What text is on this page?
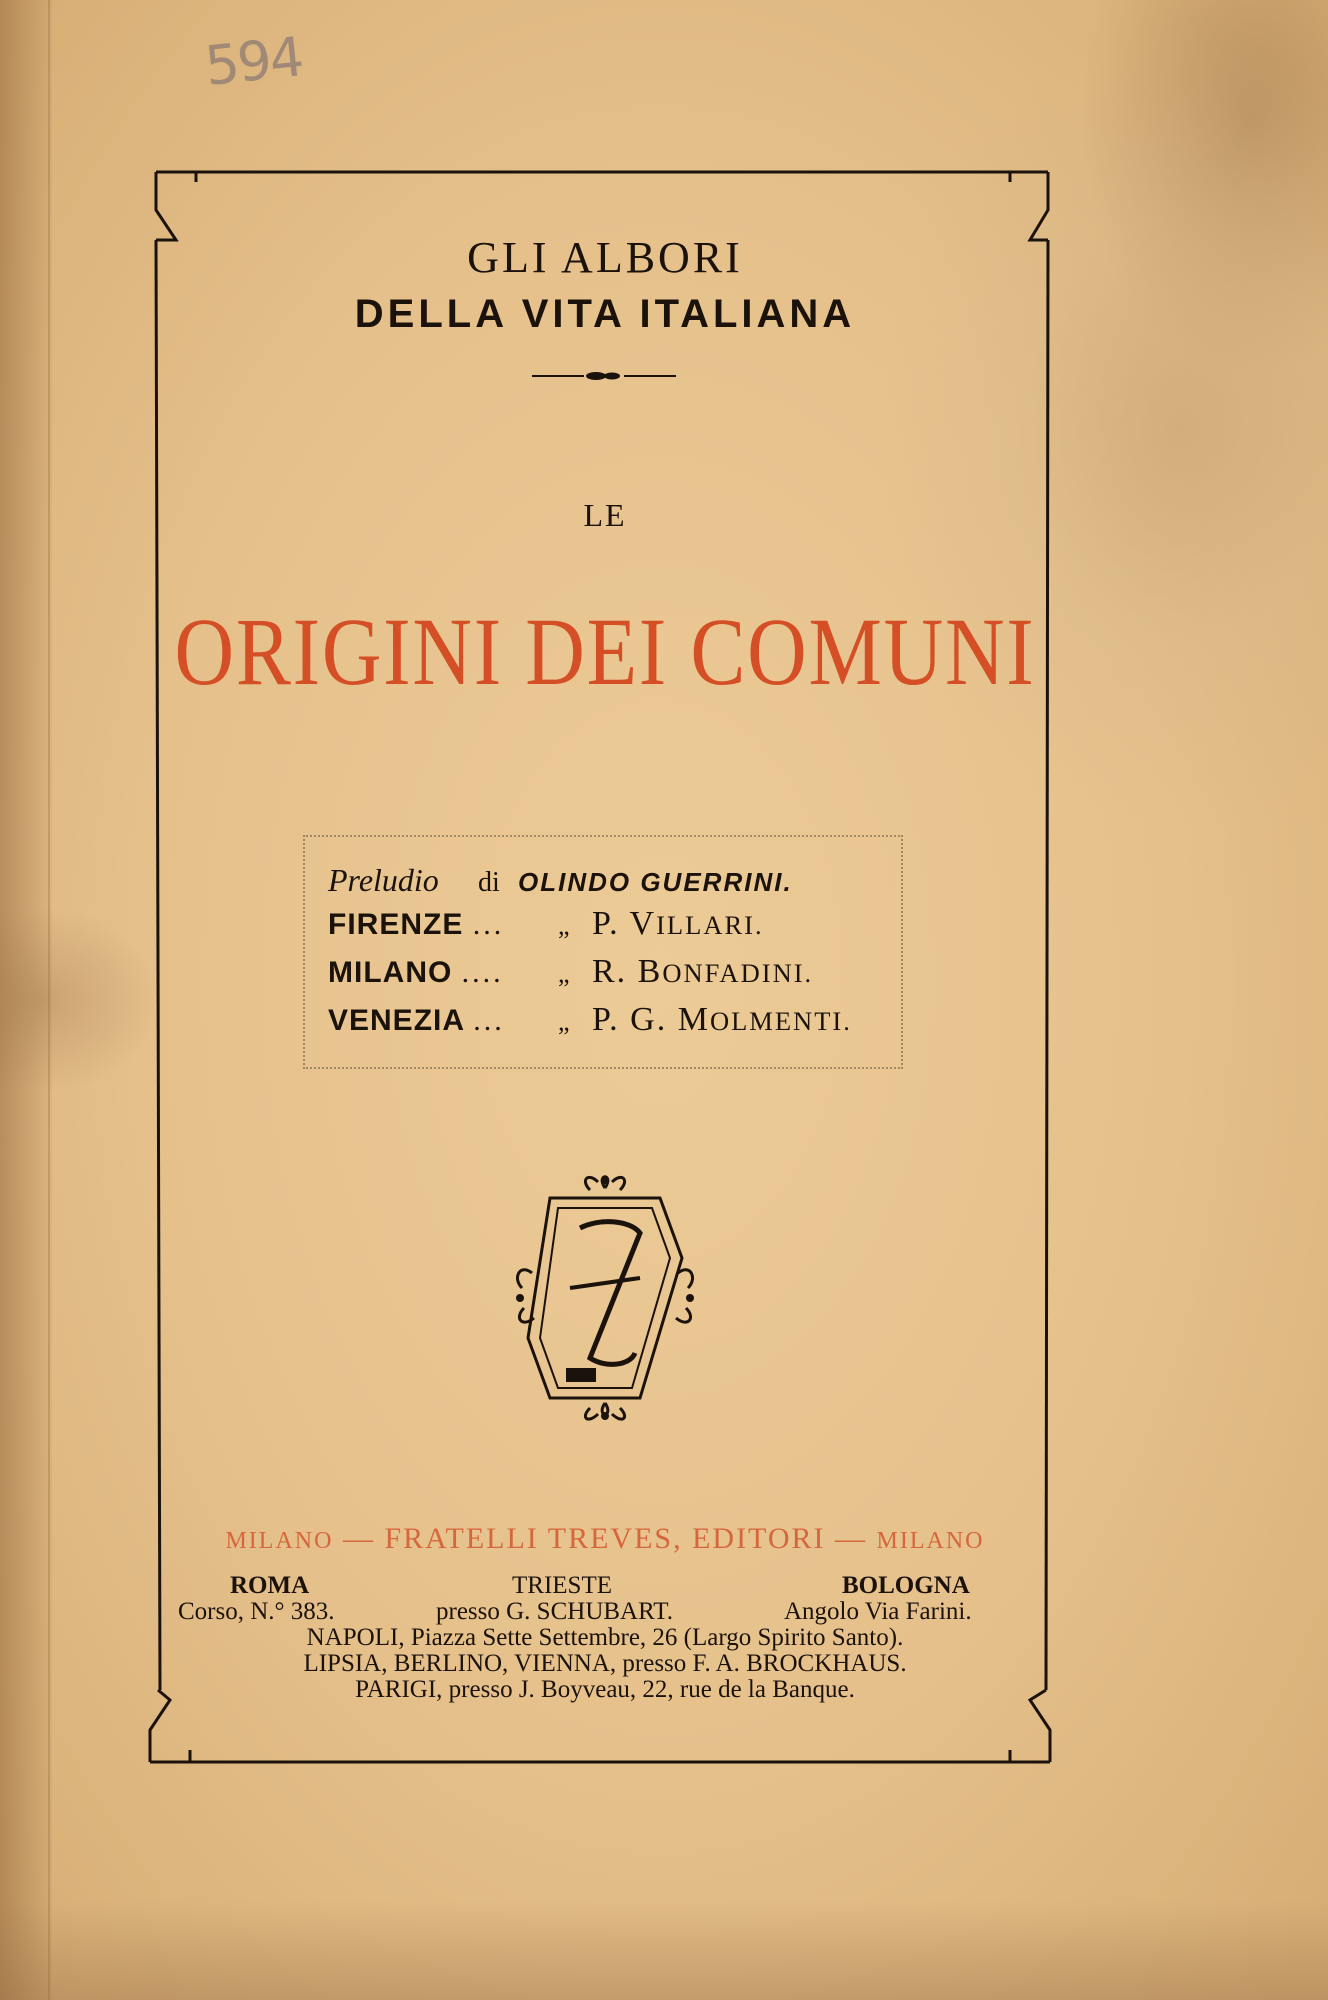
594
GLI ALBORI
DELLA VITA ITALIANA
LE
ORIGINI DEI COMUNI
Preludio di OLINDO GUERRINI.
FIRENZE ... „ P. VILLARI.
MILANO .... „ R. BONFADINI.
VENEZIA ... „ P. G. MOLMENTI.
MILANO — FRATELLI TREVES, EDITORI — MILANO
ROMA
Corso, N.° 383.
TRIESTE
presso G. SCHUBART.
BOLOGNA
Angolo Via Farini.
NAPOLI, Piazza Sette Settembre, 26 (Largo Spirito Santo).
LIPSIA, BERLINO, VIENNA, presso F. A. BROCKHAUS.
PARIGI, presso J. Boyveau, 22, rue de la Banque.
